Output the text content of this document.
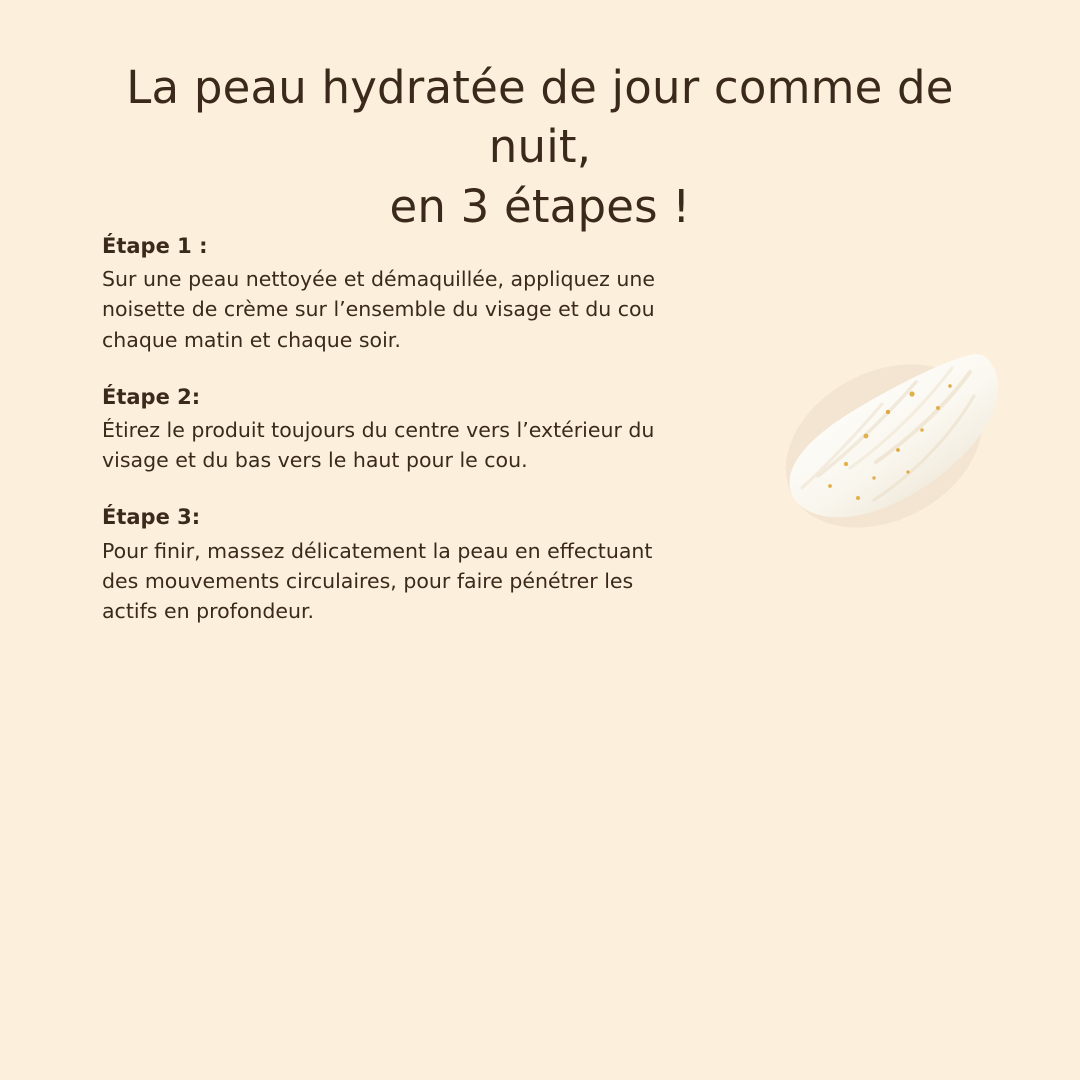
La peau hydratée de jour comme de nuit,
en 3 étapes !

Étape 1 :

Sur une peau nettoyée et démaquillée, appliquez une noisette de crème sur l’ensemble du visage et du cou chaque matin et chaque soir.

Étape 2:

Étirez le produit toujours du centre vers l’extérieur du visage et du bas vers le haut pour le cou.

Étape 3:

Pour finir, massez délicatement la peau en effectuant des mouvements circulaires, pour faire pénétrer les actifs en profondeur.
